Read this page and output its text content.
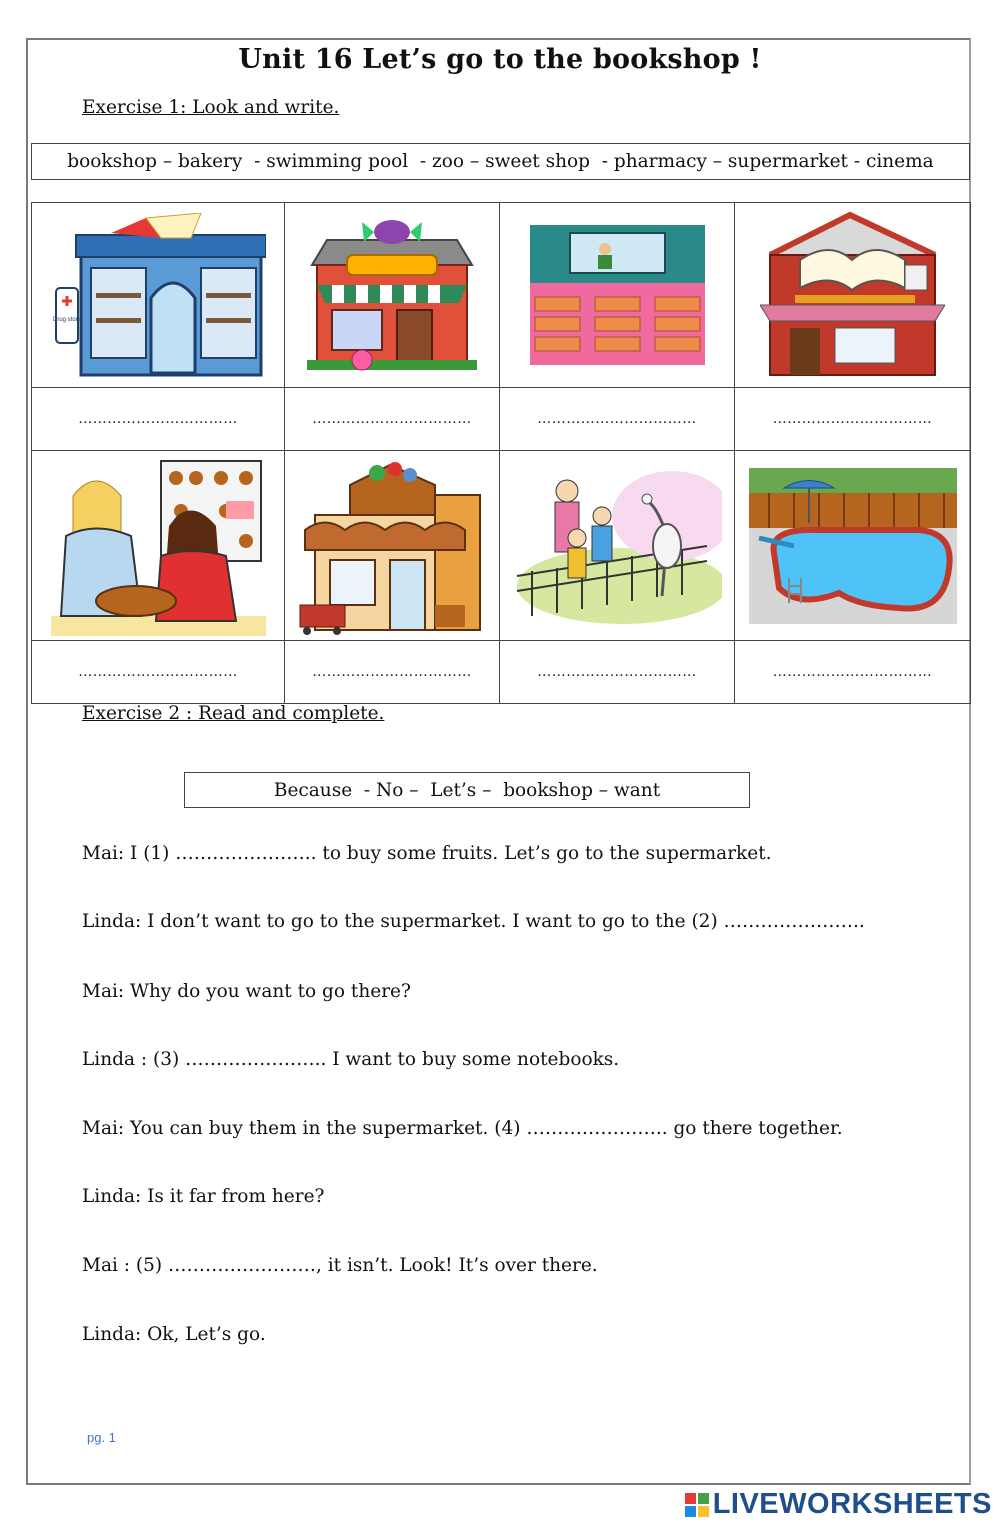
Unit 16 Let’s go to the bookshop !
Exercise 1: Look and write.
bookshop – bakery  - swimming pool  - zoo – sweet shop  - pharmacy – supermarket - cinema
Drug store

……………………………	……………………………	……………………………	……………………………

……………………………	……………………………	……………………………	……………………………
Exercise 2 : Read and complete.
Because  - No –  Let’s –  bookshop – want
Mai: I (1) ………………….. to buy some fruits. Let’s go to the supermarket.
Linda: I don’t want to go to the supermarket. I want to go to the (2) …………………..
Mai: Why do you want to go there?
Linda : (3) ………………….. I want to buy some notebooks.
Mai: You can buy them in the supermarket. (4) ………………….. go there together.
Linda: Is it far from here?
Mai : (5) ……………………, it isn’t. Look! It’s over there.
Linda: Ok, Let’s go.
pg. 1
LIVEWORKSHEETS
